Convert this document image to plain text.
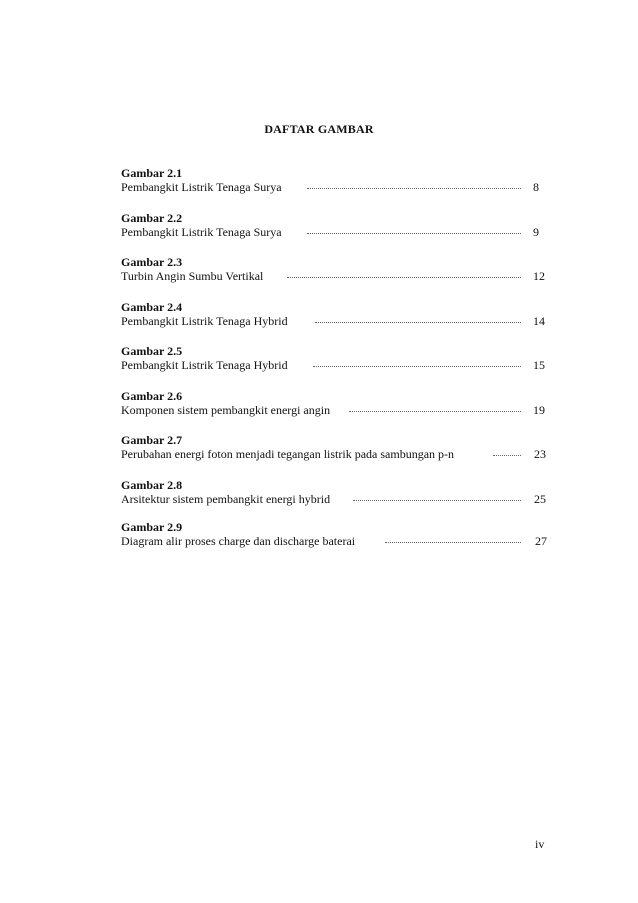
DAFTAR GAMBAR
Gambar 2.1
Pembangkit Listrik Tenaga Surya	8
Gambar 2.2
Pembangkit Listrik Tenaga Surya	9
Gambar 2.3
Turbin Angin Sumbu Vertikal	12
Gambar 2.4
Pembangkit Listrik Tenaga Hybrid	14
Gambar 2.5
Pembangkit Listrik Tenaga Hybrid	15
Gambar 2.6
Komponen sistem pembangkit energi angin	19
Gambar 2.7
Perubahan energi foton menjadi tegangan listrik pada sambungan p-n	23
Gambar 2.8
Arsitektur sistem pembangkit energi hybrid	25
Gambar 2.9
Diagram alir proses charge dan discharge baterai	27
iv
